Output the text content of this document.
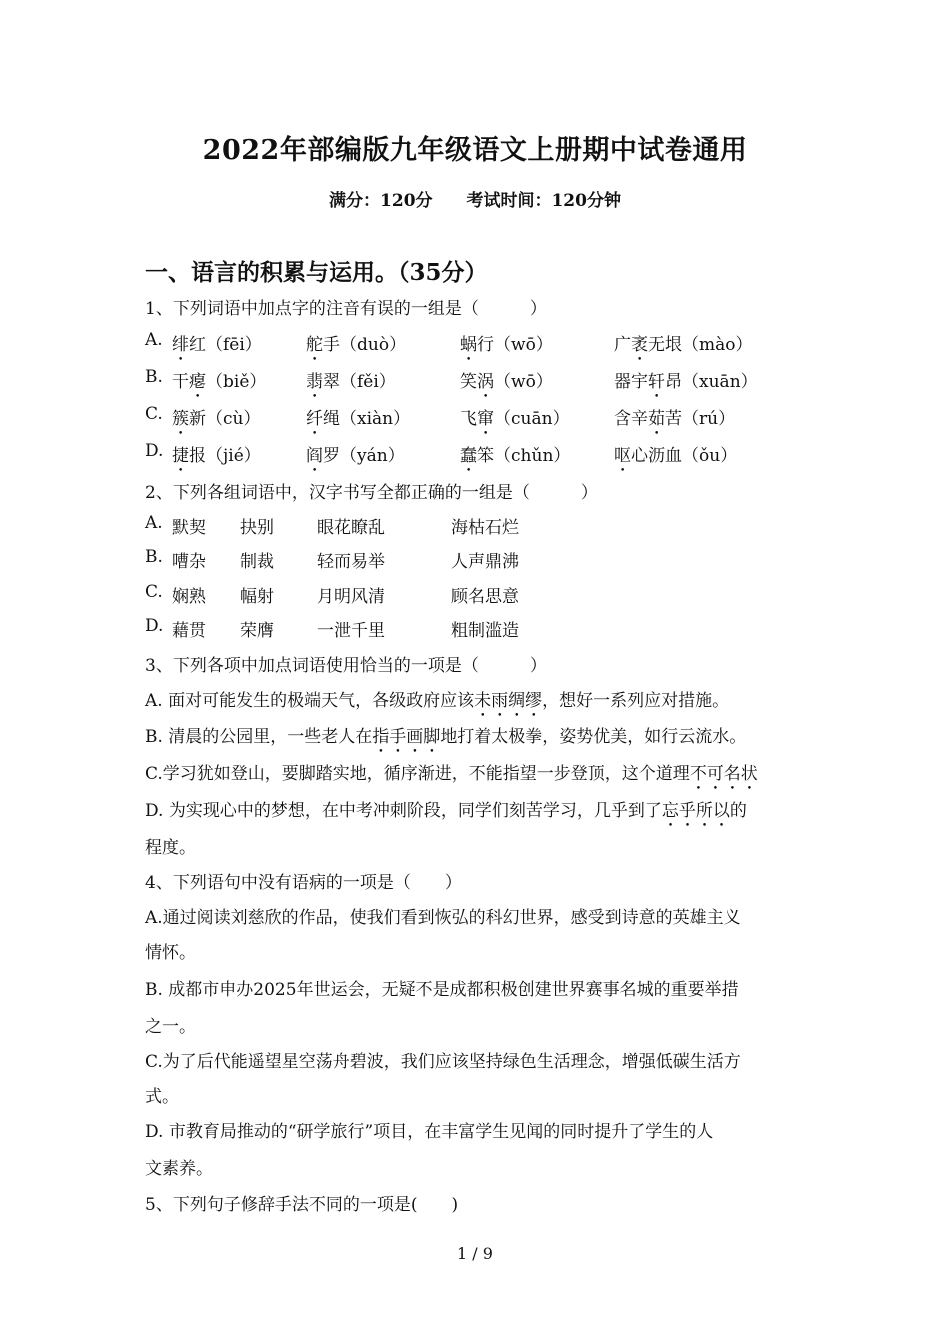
2022年部编版九年级语文上册期中试卷通用
满分：120分 考试时间：120分钟
一、语言的积累与运用。（35分）
1、下列词语中加点字的注音有误的一组是（　　　）
A. 绯红（fēi）	舵手（duò）	蜗行（wō）	广袤无垠（mào）
B. 干瘪（biě） 翡翠（fěi）	笑涡（wō）	器宇轩昂（xuān）
C. 簇新（cù）	纤绳（xiàn）	飞窜（cuān）	含辛茹苦（rú）
D. 捷报（jié）	阎罗（yán）	蠢笨（chǔn）	呕心沥血（ǒu）
2、下列各组词语中，汉字书写全都正确的一组是（　　　）
A. 默契 抉别	眼花瞭乱	海枯石烂
B. 嘈杂 制裁	轻而易举	人声鼎沸
C. 娴熟 幅射	月明风清	顾名思意
D. 藉贯 荣膺	一泄千里	粗制滥造
3、下列各项中加点词语使用恰当的一项是（　　　）
A. 面对可能发生的极端天气，各级政府应该未雨绸缪，想好一系列应对措施。
B. 清晨的公园里，一些老人在指手画脚地打着太极拳，姿势优美，如行云流水。
C.学习犹如登山，要脚踏实地，循序渐进，不能指望一步登顶，这个道理不可名状
D. 为实现心中的梦想，在中考冲刺阶段，同学们刻苦学习，几乎到了忘乎所以的
程度。
4、下列语句中没有语病的一项是（　　）
A.通过阅读刘慈欣的作品，使我们看到恢弘的科幻世界，感受到诗意的英雄主义
情怀。
B. 成都市申办2025年世运会，无疑不是成都积极创建世界赛事名城的重要举措
之一。
C.为了后代能遥望星空荡舟碧波，我们应该坚持绿色生活理念，增强低碳生活方
式。
D. 市教育局推动的“研学旅行”项目，在丰富学生见闻的同时提升了学生的人
文素养。
5、下列句子修辞手法不同的一项是(　　)
1 / 9
